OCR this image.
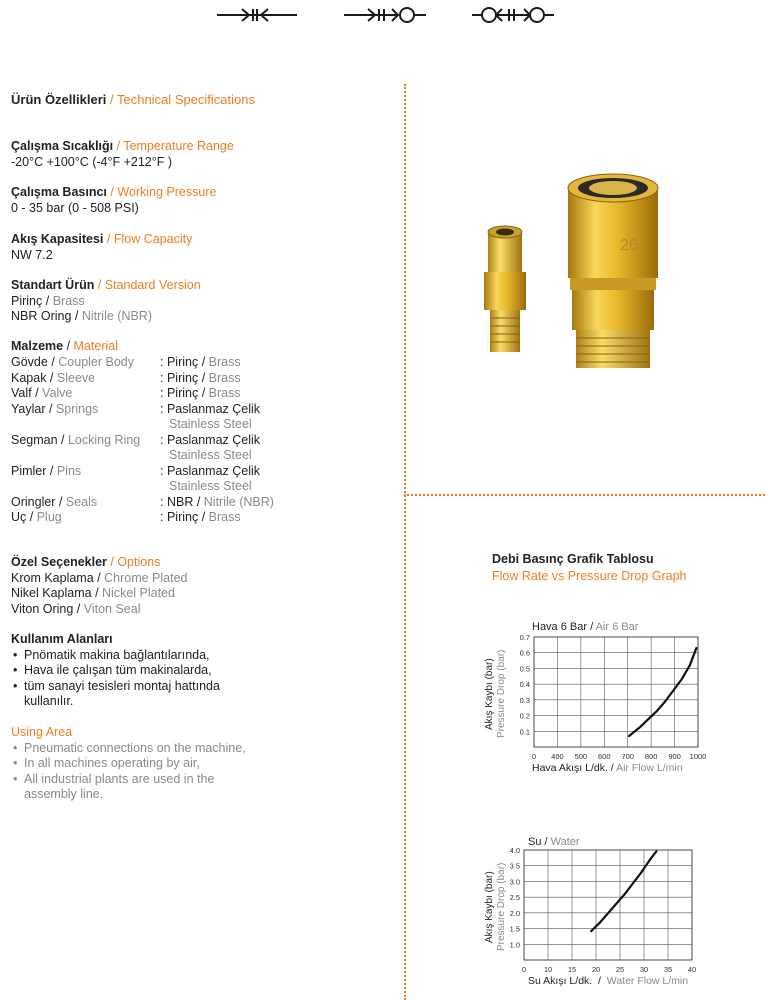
Ürün Özellikleri / Technical Specifications
Çalışma Sıcaklığı / Temperature Range
-20°C +100°C (-4°F +212°F )
Çalışma Basıncı / Working Pressure
0 - 35 bar (0 - 508 PSI)
Akış Kapasitesi / Flow Capacity
NW 7.2
Standart Ürün / Standard Version
Pirinç / Brass
NBR Oring / Nitrile (NBR)
Malzeme / Material
Gövde / Coupler Body : Pirinç / Brass
Kapak / Sleeve	: Pirinç / Brass
Valf / Valve	: Pirinç / Brass
Yaylar / Springs	: Paslanmaz Çelik
Stainless Steel
Segman / Locking Ring : Paslanmaz Çelik
Stainless Steel
Pimler / Pins	: Paslanmaz Çelik
Stainless Steel
Oringler / Seals	: NBR / Nitrile (NBR)
Uç / Plug	: Pirinç / Brass
Özel Seçenekler / Options
Krom Kaplama / Chrome Plated
Nikel Kaplama / Nickel Plated
Viton Oring / Viton Seal
Kullanım Alanları
• Pnömatik makina bağlantılarında,
• Hava ile çalışan tüm makinalarda,
• tüm sanayi tesisleri montaj hattında kullanılır.
Using Area
• Pneumatic connections on the machine,
• In all machines operating by air,
• All industrial plants are used in the assembly line.
26
Debi Basınç Grafik Tablosu
Flow Rate vs Pressure Drop Graph
Hava 6 Bar / Air 6 Bar
Akış Kaybı (bar) Pressure Drop (bar)
0 400 500 600 700 800 900 1000
0.1
0.2
0.3
0.4
0.5
0.6
0.7
Hava Akışı L/dk. / Air Flow L/min
Su / Water
Akış Kaybı (bar) Pressure Drop (bar)
0 10 15 20 25 30 35 40
1.0
1.5
2.0
2.5
3.0
3.5
4.0
Su Akışı L/dk.  /  Water Flow L/min
